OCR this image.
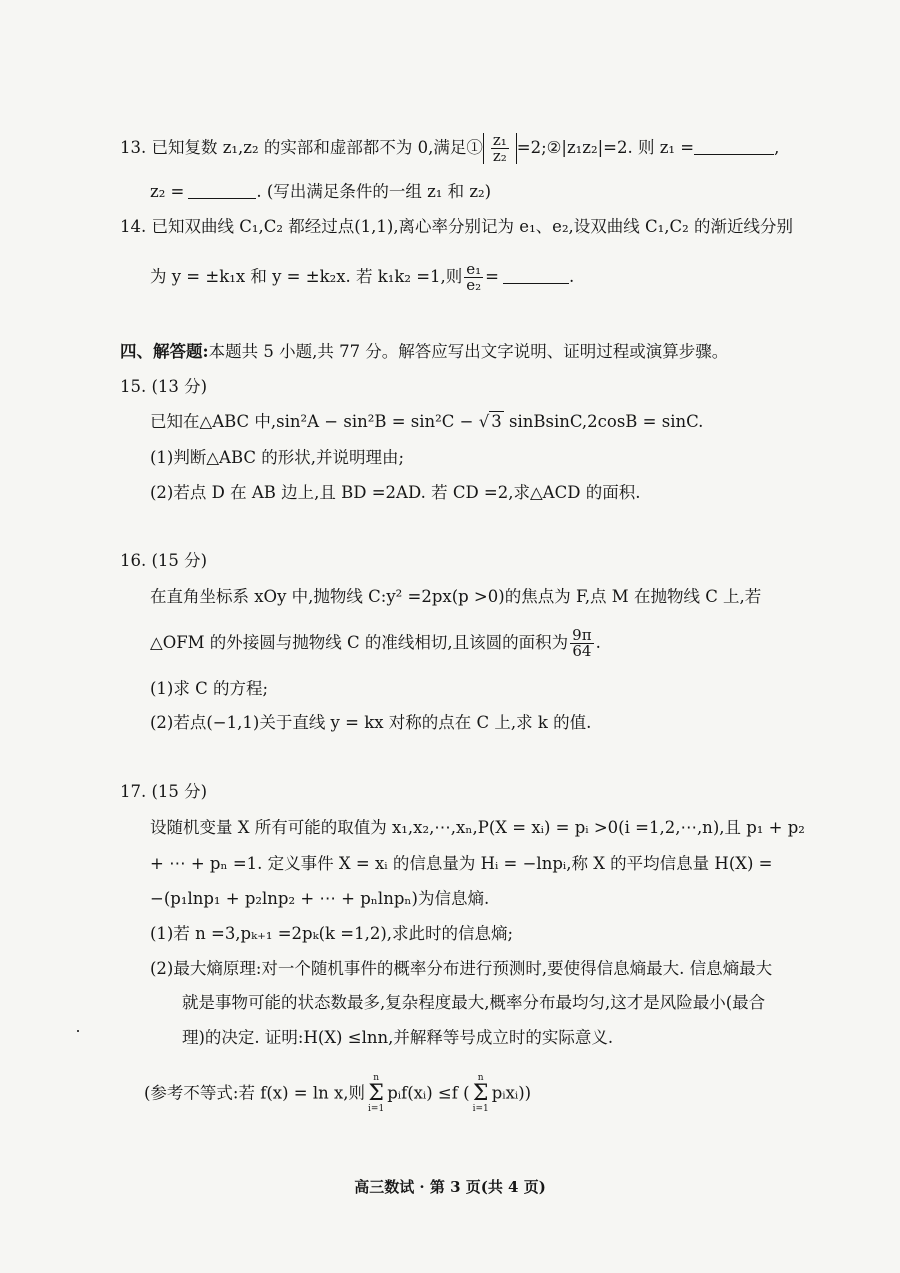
13. 已知复数 z₁,z₂ 的实部和虚部都不为 0,满足① $\frac{\text{z₁}}{\text{z₂}}$ =2;②|z₁z₂|=2. 则 z₁ =	,
z₂ =	. (写出满足条件的一组 z₁ 和 z₂)
14. 已知双曲线 C₁,C₂ 都经过点(1,1),离心率分别记为 e₁、e₂,设双曲线 C₁,C₂ 的渐近线分别
为 y = ±k₁x 和 y = ±k₂x. 若 k₁k₂ =1,则 $\frac{\text{e₁}}{\text{e₂}}$ =	.
四、解答题:本题共 5 小题,共 77 分。解答应写出文字说明、证明过程或演算步骤。
15. (13 分)
已知在△ABC 中,sin²A − sin²B = sin²C − √ 3 sinBsinC,2cosB = sinC.
(1)判断△ABC 的形状,并说明理由;
(2)若点 D 在 AB 边上,且 BD =2AD. 若 CD =2,求△ACD 的面积.
16. (15 分)
在直角坐标系 xOy 中,抛物线 C:y² =2px(p >0)的焦点为 F,点 M 在抛物线 C 上,若
△OFM 的外接圆与抛物线 C 的准线相切,且该圆的面积为 $\frac{9\pi}{64}$ .
(1)求 C 的方程;
(2)若点(−1,1)关于直线 y = kx 对称的点在 C 上,求 k 的值.
17. (15 分)
设随机变量 X 所有可能的取值为 x₁,x₂,⋯,xₙ,P(X = xᵢ) = pᵢ >0(i =1,2,⋯,n),且 p₁ + p₂
+ ⋯ + pₙ =1. 定义事件 X = xᵢ 的信息量为 Hᵢ = −lnpᵢ,称 X 的平均信息量 H(X) =
−(p₁lnp₁ + p₂lnp₂ + ⋯ + pₙlnpₙ)为信息熵.
(1)若 n =3,pₖ₊₁ =2pₖ(k =1,2),求此时的信息熵;
(2)最大熵原理:对一个随机事件的概率分布进行预测时,要使得信息熵最大. 信息熵最大
就是事物可能的状态数最多,复杂程度最大,概率分布最均匀,这才是风险最小(最合
理)的决定. 证明:H(X) ≤lnn,并解释等号成立时的实际意义.
(参考不等式:若 f(x) = ln x,则
n
Σ
i=1
pᵢf(xᵢ) ≤f (
n
Σ
i=1
pᵢxᵢ))
高三数试 · 第 3 页(共 4 页)
